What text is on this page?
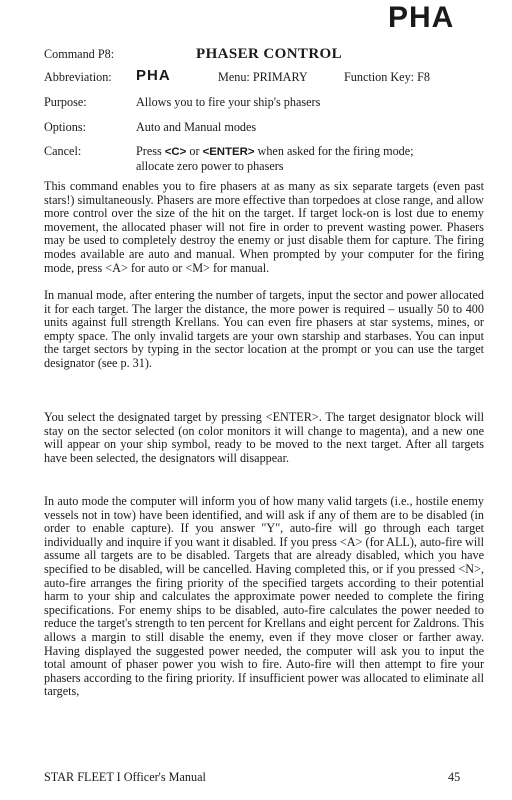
PHA
Command P8:	PHASER CONTROL
Abbreviation: PHA	Menu: PRIMARY	Function Key: F8
Purpose:	Allows you to fire your ship's phasers
Options:	Auto and Manual modes
Cancel:	Press <C> or <ENTER> when asked for the firing mode;
allocate zero power to phasers

This command enables you to fire phasers at as many as six separate targets (even past stars!) simultaneously. Phasers are more effective than torpedoes at close range, and allow more control over the size of the hit on the target. If target lock-on is lost due to enemy movement, the allocated phaser will not fire in order to prevent wasting power. Phasers may be used to completely destroy the enemy or just disable them for capture. The firing modes available are auto and manual. When prompted by your computer for the firing mode, press <A> for auto or <M> for manual.

In manual mode, after entering the number of targets, input the sector and power allocated it for each target. The larger the distance, the more power is required – usually 50 to 400 units against full strength Krellans. You can even fire phasers at star systems, mines, or empty space. The only invalid targets are your own starship and starbases. You can input the target sectors by typing in the sector location at the prompt or you can use the target designator (see p. 31).

You select the designated target by pressing <ENTER>. The target designator block will stay on the sector selected (on color monitors it will change to magenta), and a new one will appear on your ship symbol, ready to be moved to the next target. After all targets have been selected, the designators will disappear.

In auto mode the computer will inform you of how many valid targets (i.e., hostile enemy vessels not in tow) have been identified, and will ask if any of them are to be disabled (in order to enable capture). If you answer "Y", auto-fire will go through each target individually and inquire if you want it disabled. If you press <A> (for ALL), auto-fire will assume all targets are to be disabled. Targets that are already disabled, which you have specified to be disabled, will be cancelled. Having completed this, or if you pressed <N>, auto-fire arranges the firing priority of the specified targets according to their potential harm to your ship and calculates the approximate power needed to complete the firing specifications. For enemy ships to be disabled, auto-fire calculates the power needed to reduce the target's strength to ten percent for Krellans and eight percent for Zaldrons. This allows a margin to still disable the enemy, even if they move closer or farther away. Having displayed the suggested power needed, the computer will ask you to input the total amount of phaser power you wish to fire. Auto-fire will then attempt to fire your phasers according to the firing priority. If insufficient power was allocated to eliminate all targets,

STAR FLEET I Officer's Manual	45
